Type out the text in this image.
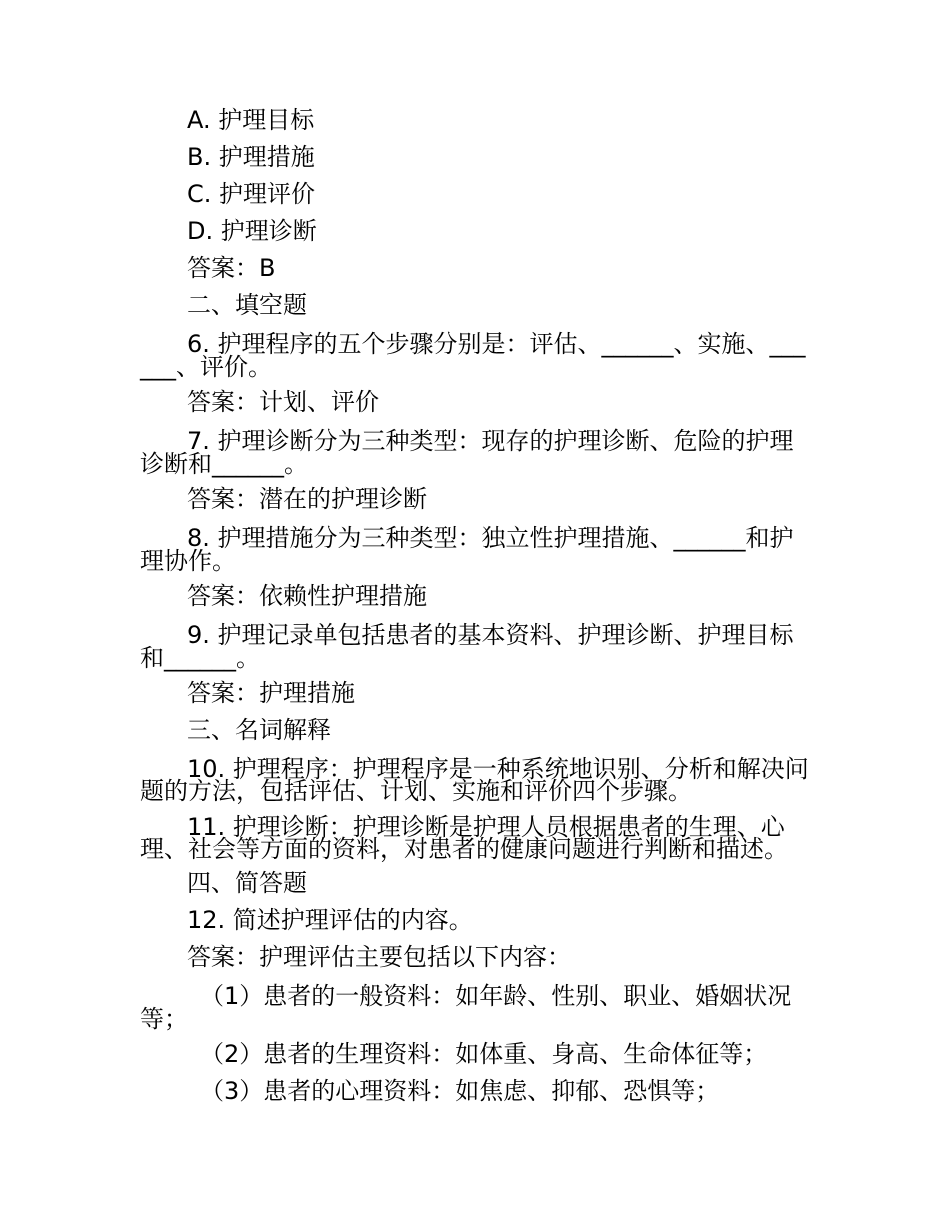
A. 护理目标

B. 护理措施

C. 护理评价

D. 护理诊断

答案：B

二、填空题

6. 护理程序的五个步骤分别是：评估、______、实施、______、评价。

答案：计划、评价

7. 护理诊断分为三种类型：现存的护理诊断、危险的护理诊断和______。

答案：潜在的护理诊断

8. 护理措施分为三种类型：独立性护理措施、______和护理协作。

答案：依赖性护理措施

9. 护理记录单包括患者的基本资料、护理诊断、护理目标和______。

答案：护理措施

三、名词解释

10. 护理程序：护理程序是一种系统地识别、分析和解决问题的方法，包括评估、计划、实施和评价四个步骤。

11. 护理诊断：护理诊断是护理人员根据患者的生理、心理、社会等方面的资料，对患者的健康问题进行判断和描述。

四、简答题

12. 简述护理评估的内容。

答案：护理评估主要包括以下内容：

（1）患者的一般资料：如年龄、性别、职业、婚姻状况等；

（2）患者的生理资料：如体重、身高、生命体征等；

（3）患者的心理资料：如焦虑、抑郁、恐惧等；
